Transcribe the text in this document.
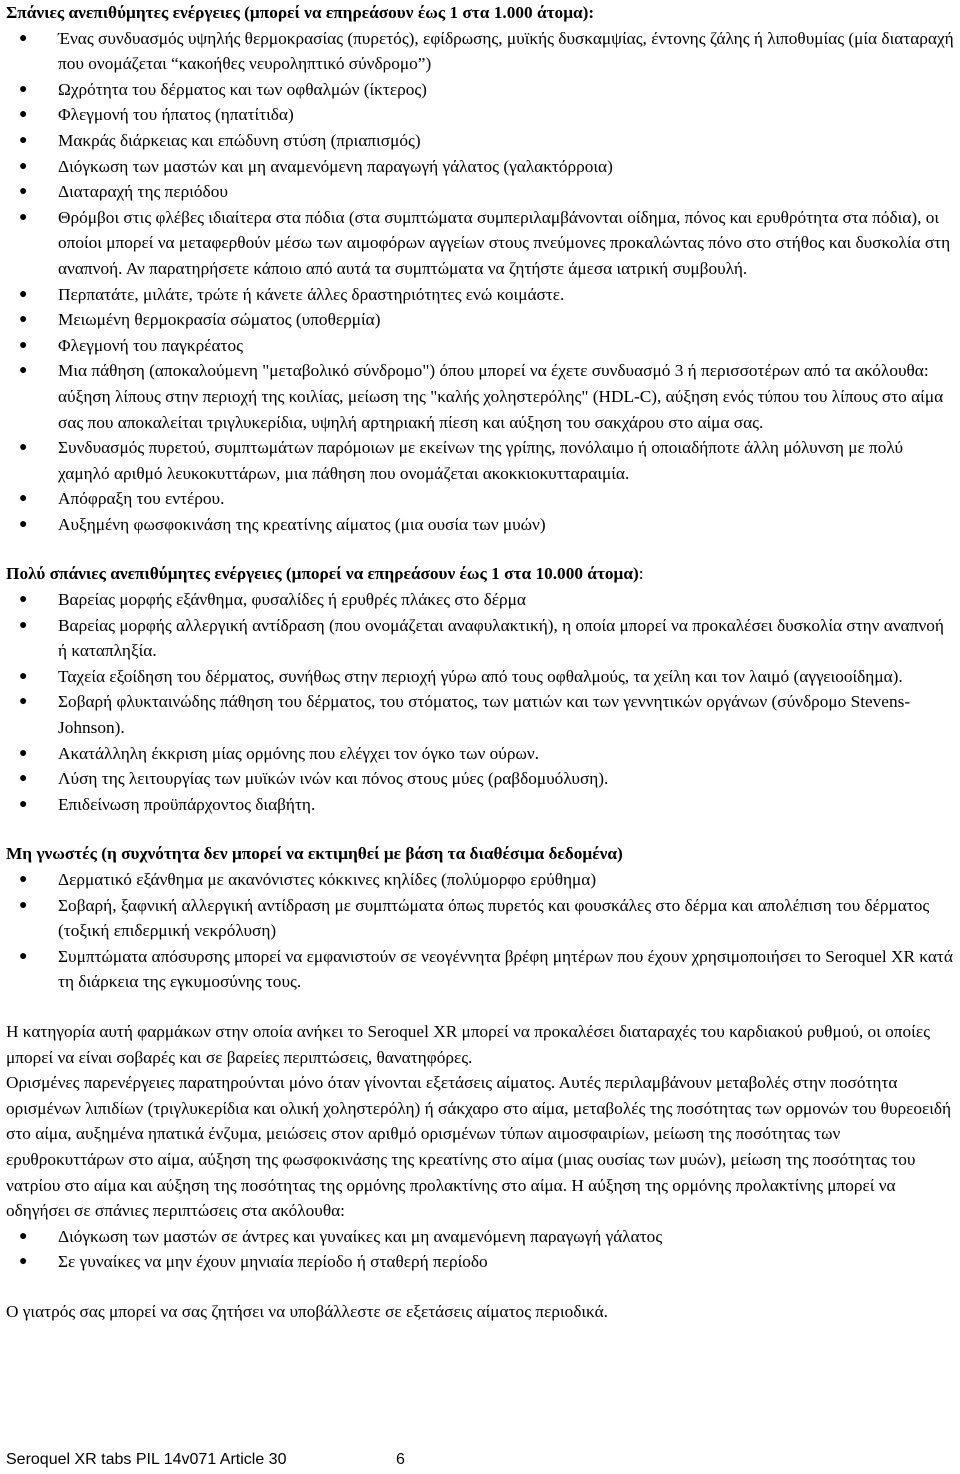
Σπάνιες ανεπιθύμητες ενέργειες (μπορεί να επηρεάσουν έως 1 στα 1.000 άτομα):

● Ένας συνδυασμός υψηλής θερμοκρασίας (πυρετός), εφίδρωσης, μυϊκής δυσκαμψίας, έντονης ζάλης ή λιποθυμίας (μία διαταραχή που ονομάζεται “κακοήθες νευροληπτικό σύνδρομο”)
● Ωχρότητα του δέρματος και των οφθαλμών (ίκτερος)
● Φλεγμονή του ήπατος (ηπατίτιδα)
● Μακράς διάρκειας και επώδυνη στύση (πριαπισμός)
● Διόγκωση των μαστών και μη αναμενόμενη παραγωγή γάλατος (γαλακτόρροια)
● Διαταραχή της περιόδου
● Θρόμβοι στις φλέβες ιδιαίτερα στα πόδια (στα συμπτώματα συμπεριλαμβάνονται οίδημα, πόνος και ερυθρότητα στα πόδια), οι οποίοι μπορεί να μεταφερθούν μέσω των αιμοφόρων αγγείων στους πνεύμονες προκαλώντας πόνο στο στήθος και δυσκολία στη αναπνοή. Αν παρατηρήσετε κάποιο από αυτά τα συμπτώματα να ζητήστε άμεσα ιατρική συμβουλή.
● Περπατάτε, μιλάτε, τρώτε ή κάνετε άλλες δραστηριότητες ενώ κοιμάστε.
● Μειωμένη θερμοκρασία σώματος (υποθερμία)
● Φλεγμονή του παγκρέατος
● Μια πάθηση (αποκαλούμενη "μεταβολικό σύνδρομο") όπου μπορεί να έχετε συνδυασμό 3 ή περισσοτέρων από τα ακόλουθα: αύξηση λίπους στην περιοχή της κοιλίας, μείωση της "καλής χοληστερόλης" (HDL-C), αύξηση ενός τύπου του λίπους στο αίμα σας που αποκαλείται τριγλυκερίδια, υψηλή αρτηριακή πίεση και αύξηση του σακχάρου στο αίμα σας.
● Συνδυασμός πυρετού, συμπτωμάτων παρόμοιων με εκείνων της γρίπης, πονόλαιμο ή οποιαδήποτε άλλη μόλυνση με πολύ χαμηλό αριθμό λευκοκυττάρων, μια πάθηση που ονομάζεται ακοκκιοκυτταραιμία.
● Απόφραξη του εντέρου.
● Αυξημένη φωσφοκινάση της κρεατίνης αίματος (μια ουσία των μυών)

Πολύ σπάνιες ανεπιθύμητες ενέργειες (μπορεί να επηρεάσουν έως 1 στα 10.000 άτομα):

● Βαρείας μορφής εξάνθημα, φυσαλίδες ή ερυθρές πλάκες στο δέρμα
● Βαρείας μορφής αλλεργική αντίδραση (που ονομάζεται αναφυλακτική), η οποία μπορεί να προκαλέσει δυσκολία στην αναπνοή ή καταπληξία.
● Ταχεία εξοίδηση του δέρματος, συνήθως στην περιοχή γύρω από τους οφθαλμούς, τα χείλη και τον λαιμό (αγγειοοίδημα).
● Σοβαρή φλυκταινώδης πάθηση του δέρματος, του στόματος, των ματιών και των γεννητικών οργάνων (σύνδρομο Stevens-Johnson).
● Ακατάλληλη έκκριση μίας ορμόνης που ελέγχει τον όγκο των ούρων.
● Λύση της λειτουργίας των μυϊκών ινών και πόνος στους μύες (ραβδομυόλυση).
● Επιδείνωση προϋπάρχοντος διαβήτη.

Μη γνωστές (η συχνότητα δεν μπορεί να εκτιμηθεί με βάση τα διαθέσιμα δεδομένα)

● Δερματικό εξάνθημα με ακανόνιστες κόκκινες κηλίδες (πολύμορφο ερύθημα)
● Σοβαρή, ξαφνική αλλεργική αντίδραση με συμπτώματα όπως πυρετός και φουσκάλες στο δέρμα και απολέπιση του δέρματος (τοξική επιδερμική νεκρόλυση)
● Συμπτώματα απόσυρσης μπορεί να εμφανιστούν σε νεογέννητα βρέφη μητέρων που έχουν χρησιμοποιήσει το Seroquel XR κατά τη διάρκεια της εγκυμοσύνης τους.

Η κατηγορία αυτή φαρμάκων στην οποία ανήκει το Seroquel XR μπορεί να προκαλέσει διαταραχές του καρδιακού ρυθμού, οι οποίες μπορεί να είναι σοβαρές και σε βαρείες περιπτώσεις, θανατηφόρες.

Ορισμένες παρενέργειες παρατηρούνται μόνο όταν γίνονται εξετάσεις αίματος. Αυτές περιλαμβάνουν μεταβολές στην ποσότητα ορισμένων λιπιδίων (τριγλυκερίδια και ολική χοληστερόλη) ή σάκχαρο στο αίμα, μεταβολές της ποσότητας των ορμονών του θυρεοειδή στο αίμα, αυξημένα ηπατικά ένζυμα, μειώσεις στον αριθμό ορισμένων τύπων αιμοσφαιρίων, μείωση της ποσότητας των ερυθροκυττάρων στο αίμα, αύξηση της φωσφοκινάσης της κρεατίνης στο αίμα (μιας ουσίας των μυών), μείωση της ποσότητας του νατρίου στο αίμα και αύξηση της ποσότητας της ορμόνης προλακτίνης στο αίμα. Η αύξηση της ορμόνης προλακτίνης μπορεί να οδηγήσει σε σπάνιες περιπτώσεις στα ακόλουθα:

● Διόγκωση των μαστών σε άντρες και γυναίκες και μη αναμενόμενη παραγωγή γάλατος
● Σε γυναίκες να μην έχουν μηνιαία περίοδο ή σταθερή περίοδο

Ο γιατρός σας μπορεί να σας ζητήσει να υποβάλλεστε σε εξετάσεις αίματος περιοδικά.

Seroquel XR tabs PIL 14v071 Article 30	6
